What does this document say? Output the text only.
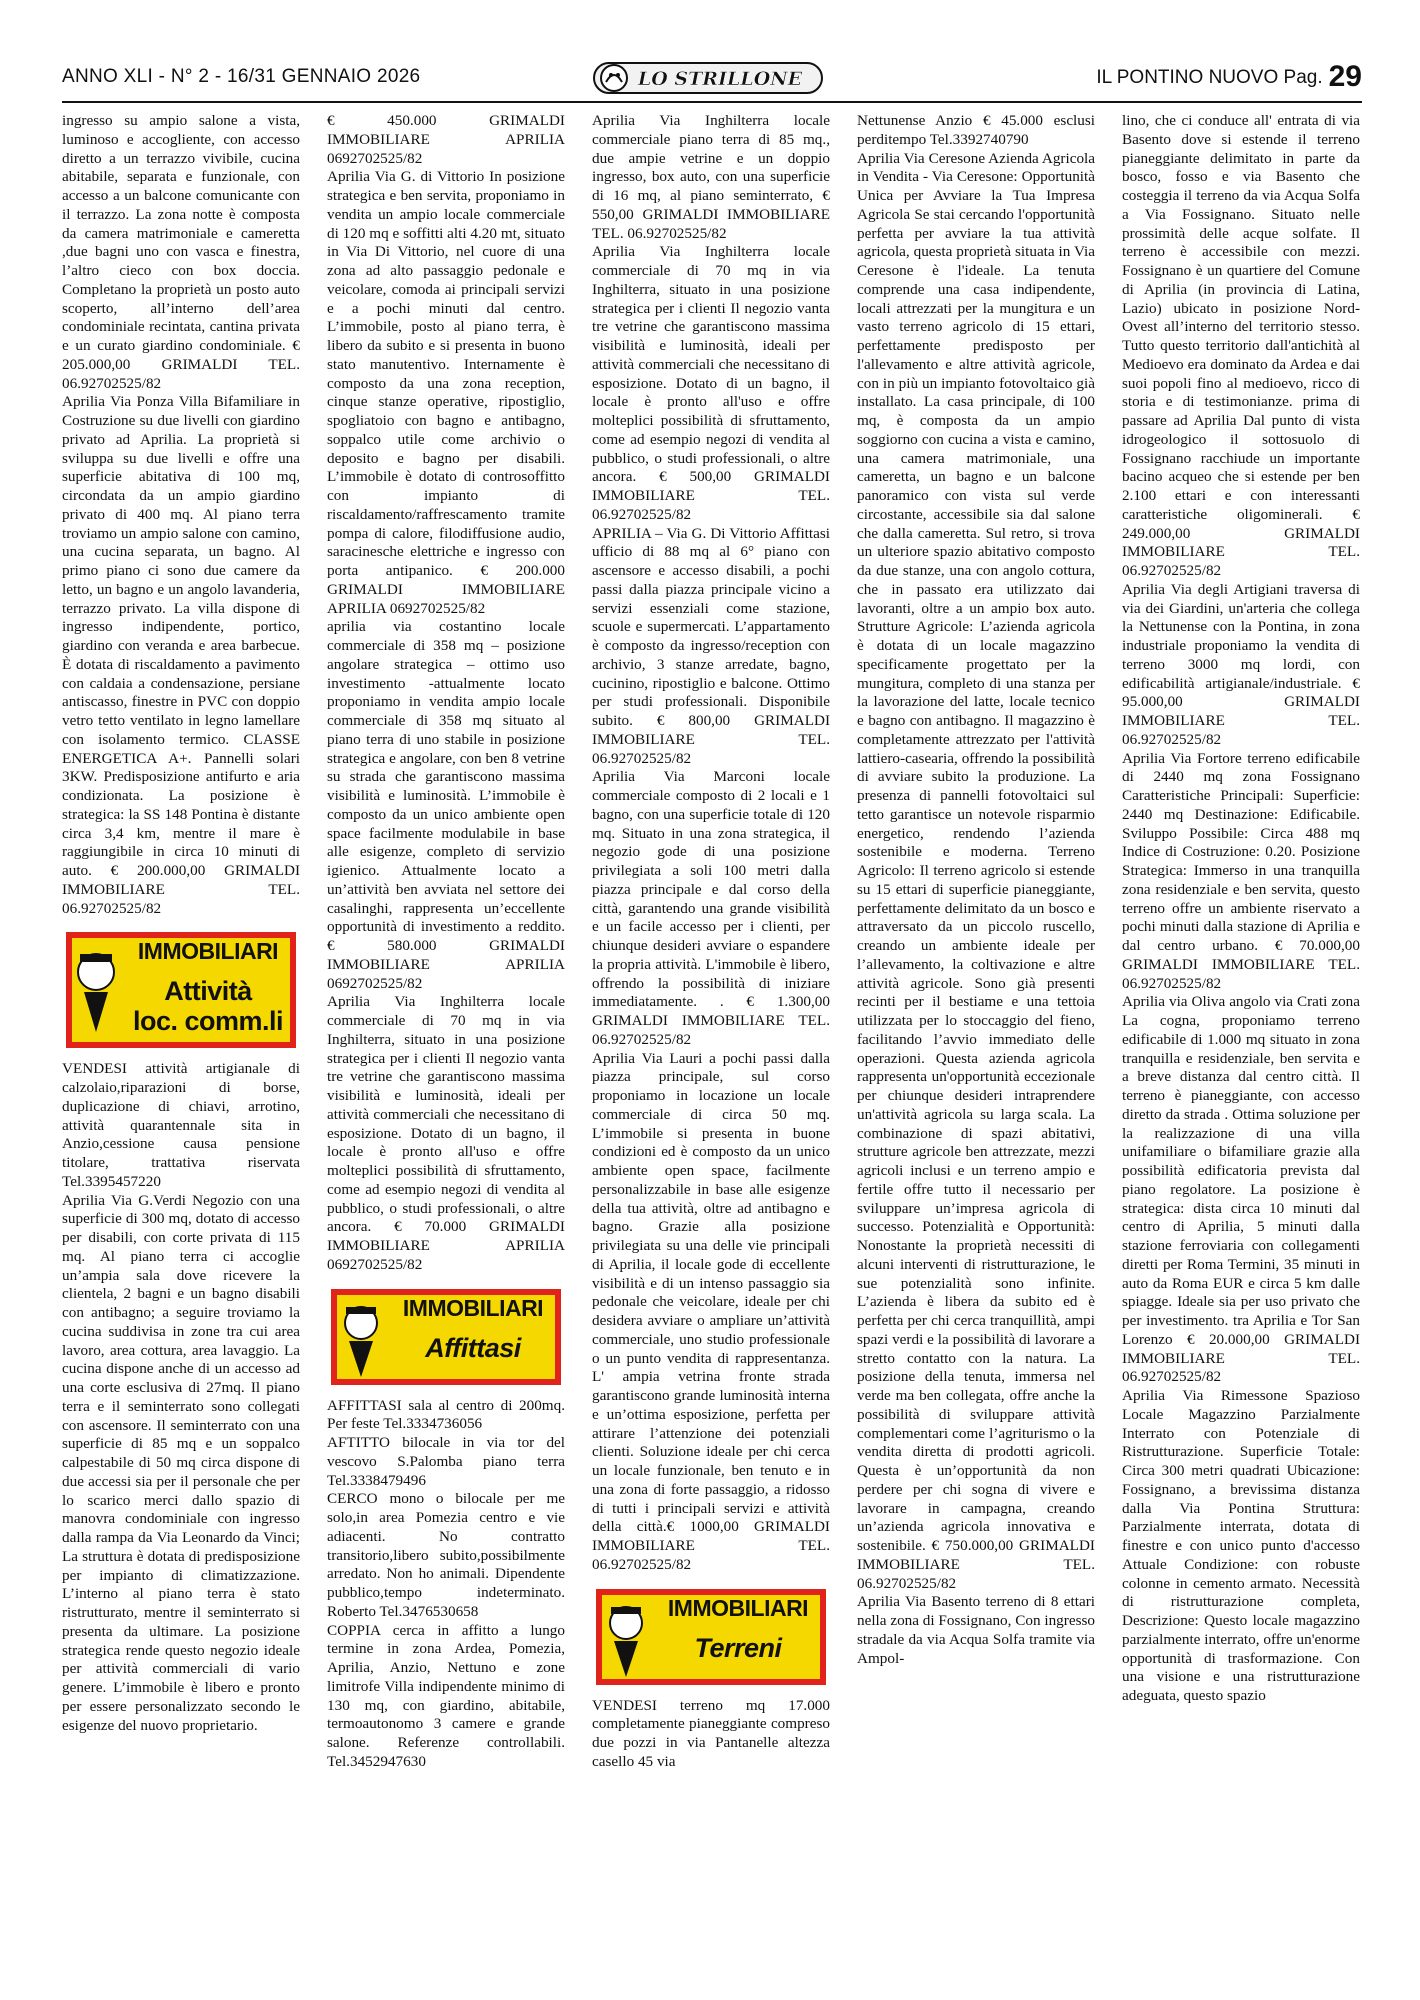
ANNO XLI - N° 2 - 16/31 GENNAIO 2026	LO STRILLONE	IL PONTINO NUOVO Pag. 29

ingresso su ampio salone a vista, luminoso e accogliente, con accesso diretto a un terrazzo vivibile, cucina abitabile, separata e funzionale, con accesso a un balcone comunicante con il terrazzo. La zona notte è composta da camera matrimoniale e cameretta ,due bagni uno con vasca e finestra, l’altro cieco con box doccia. Completano la proprietà un posto auto scoperto, all’interno dell’area condominiale recintata, cantina privata e un curato giardino condominiale. € 205.000,00 GRIMALDI TEL. 06.92702525/82

Aprilia Via Ponza Villa Bifamiliare in Costruzione su due livelli con giardino privato ad Aprilia. La proprietà si sviluppa su due livelli e offre una superficie abitativa di 100 mq, circondata da un ampio giardino privato di 400 mq. Al piano terra troviamo un ampio salone con camino, una cucina separata, un bagno. Al primo piano ci sono due camere da letto, un bagno e un angolo lavanderia, terrazzo privato. La villa dispone di ingresso indipendente, portico, giardino con veranda e area barbecue. È dotata di riscaldamento a pavimento con caldaia a condensazione, persiane antiscasso, finestre in PVC con doppio vetro tetto ventilato in legno lamellare con isolamento termico. CLASSE ENERGETICA A+. Pannelli solari 3KW. Predisposizione antifurto e aria condizionata. La posizione è strategica: la SS 148 Pontina è distante circa 3,4 km, mentre il mare è raggiungibile in circa 10 minuti di auto. € 200.000,00 GRIMALDI IMMOBILIARE TEL. 06.92702525/82

IMMOBILIARI
Attività
loc. comm.li

VENDESI attività artigianale di calzolaio,riparazioni di borse, duplicazione di chiavi, arrotino, attività quarantennale sita in Anzio,cessione causa pensione titolare, trattativa riservata Tel.3395457220

Aprilia Via G.Verdi Negozio con una superficie di 300 mq, dotato di accesso per disabili, con corte privata di 115 mq. Al piano terra ci accoglie un’ampia sala dove ricevere la clientela, 2 bagni e un bagno disabili con antibagno; a seguire troviamo la cucina suddivisa in zone tra cui area lavoro, area cottura, area lavaggio. La cucina dispone anche di un accesso ad una corte esclusiva di 27mq. Il piano terra e il seminterrato sono collegati con ascensore. Il seminterrato con una superficie di 85 mq e un soppalco calpestabile di 50 mq circa dispone di due accessi sia per il personale che per lo scarico merci dallo spazio di manovra condominiale con ingresso dalla rampa da Via Leonardo da Vinci; La struttura è dotata di predisposizione per impianto di climatizzazione. L’interno al piano terra è stato ristrutturato, mentre il seminterrato si presenta da ultimare. La posizione strategica rende questo negozio ideale per attività commerciali di vario genere. L’immobile è libero e pronto per essere personalizzato secondo le esigenze del nuovo proprietario.

€ 450.000 GRIMALDI IMMOBILIARE APRILIA 0692702525/82

Aprilia Via G. di Vittorio In posizione strategica e ben servita, proponiamo in vendita un ampio locale commerciale di 120 mq e soffitti alti 4.20 mt, situato in Via Di Vittorio, nel cuore di una zona ad alto passaggio pedonale e veicolare, comoda ai principali servizi e a pochi minuti dal centro. L’immobile, posto al piano terra, è libero da subito e si presenta in buono stato manutentivo. Internamente è composto da una zona reception, cinque stanze operative, ripostiglio, spogliatoio con bagno e antibagno, soppalco utile come archivio o deposito e bagno per disabili. L’immobile è dotato di controsoffitto con impianto di riscaldamento/raffrescamento tramite pompa di calore, filodiffusione audio, saracinesche elettriche e ingresso con porta antipanico. € 200.000 GRIMALDI IMMOBILIARE APRILIA 0692702525/82

aprilia via costantino locale commerciale di 358 mq – posizione angolare strategica – ottimo uso investimento -attualmente locato proponiamo in vendita ampio locale commerciale di 358 mq situato al piano terra di uno stabile in posizione strategica e angolare, con ben 8 vetrine su strada che garantiscono massima visibilità e luminosità. L’immobile è composto da un unico ambiente open space facilmente modulabile in base alle esigenze, completo di servizio igienico. Attualmente locato a un’attività ben avviata nel settore dei casalinghi, rappresenta un’eccellente opportunità di investimento a reddito. € 580.000 GRIMALDI IMMOBILIARE APRILIA 0692702525/82

Aprilia Via Inghilterra locale commerciale di 70 mq in via Inghilterra, situato in una posizione strategica per i clienti Il negozio vanta tre vetrine che garantiscono massima visibilità e luminosità, ideali per attività commerciali che necessitano di esposizione. Dotato di un bagno, il locale è pronto all'uso e offre molteplici possibilità di sfruttamento, come ad esempio negozi di vendita al pubblico, o studi professionali, o altre ancora. € 70.000 GRIMALDI IMMOBILIARE APRILIA 0692702525/82

IMMOBILIARI
Affittasi

AFFITTASI sala al centro di 200mq. Per feste Tel.3334736056

AFTITTO bilocale in via tor del vescovo S.Palomba piano terra Tel.3338479496

CERCO mono o bilocale per me solo,in area Pomezia centro e vie adiacenti. No contratto transitorio,libero subito,possibilmente arredato. Non ho animali. Dipendente pubblico,tempo indeterminato. Roberto Tel.3476530658

COPPIA cerca in affitto a lungo termine in zona Ardea, Pomezia, Aprilia, Anzio, Nettuno e zone limitrofe Villa indipendente minimo di 130 mq, con giardino, abitabile, termoautonomo 3 camere e grande salone. Referenze controllabili. Tel.3452947630

Aprilia Via Inghilterra locale commerciale piano terra di 85 mq., due ampie vetrine e un doppio ingresso, box auto, con una superficie di 16 mq, al piano seminterrato, € 550,00 GRIMALDI IMMOBILIARE TEL. 06.92702525/82

Aprilia Via Inghilterra locale commerciale di 70 mq in via Inghilterra, situato in una posizione strategica per i clienti Il negozio vanta tre vetrine che garantiscono massima visibilità e luminosità, ideali per attività commerciali che necessitano di esposizione. Dotato di un bagno, il locale è pronto all'uso e offre molteplici possibilità di sfruttamento, come ad esempio negozi di vendita al pubblico, o studi professionali, o altre ancora. € 500,00 GRIMALDI IMMOBILIARE TEL. 06.92702525/82

APRILIA – Via G. Di Vittorio Affittasi ufficio di 88 mq al 6° piano con ascensore e accesso disabili, a pochi passi dalla piazza principale vicino a servizi essenziali come stazione, scuole e supermercati. L’appartamento è composto da ingresso/reception con archivio, 3 stanze arredate, bagno, cucinino, ripostiglio e balcone. Ottimo per studi professionali. Disponibile subito. € 800,00 GRIMALDI IMMOBILIARE TEL. 06.92702525/82

Aprilia Via Marconi locale commerciale composto di 2 locali e 1 bagno, con una superficie totale di 120 mq. Situato in una zona strategica, il negozio gode di una posizione privilegiata a soli 100 metri dalla piazza principale e dal corso della città, garantendo una grande visibilità e un facile accesso per i clienti, per chiunque desideri avviare o espandere la propria attività. L'immobile è libero, offrendo la possibilità di iniziare immediatamente. . € 1.300,00 GRIMALDI IMMOBILIARE TEL. 06.92702525/82

Aprilia Via Lauri a pochi passi dalla piazza principale, sul corso proponiamo in locazione un locale commerciale di circa 50 mq. L’immobile si presenta in buone condizioni ed è composto da un unico ambiente open space, facilmente personalizzabile in base alle esigenze della tua attività, oltre ad antibagno e bagno. Grazie alla posizione privilegiata su una delle vie principali di Aprilia, il locale gode di eccellente visibilità e di un intenso passaggio sia pedonale che veicolare, ideale per chi desidera avviare o ampliare un’attività commerciale, uno studio professionale o un punto vendita di rappresentanza. L' ampia vetrina fronte strada garantiscono grande luminosità interna e un’ottima esposizione, perfetta per attirare l’attenzione dei potenziali clienti. Soluzione ideale per chi cerca un locale funzionale, ben tenuto e in una zona di forte passaggio, a ridosso di tutti i principali servizi e attività della città.€ 1000,00 GRIMALDI IMMOBILIARE TEL. 06.92702525/82

IMMOBILIARI
Terreni

VENDESI terreno mq 17.000 completamente pianeggiante compreso due pozzi in via Pantanelle altezza casello 45 via

Nettunense Anzio € 45.000 esclusi perditempo Tel.3392740790

Aprilia Via Ceresone Azienda Agricola in Vendita - Via Ceresone: Opportunità Unica per Avviare la Tua Impresa Agricola Se stai cercando l'opportunità perfetta per avviare la tua attività agricola, questa proprietà situata in Via Ceresone è l'ideale. La tenuta comprende una casa indipendente, locali attrezzati per la mungitura e un vasto terreno agricolo di 15 ettari, perfettamente predisposto per l'allevamento e altre attività agricole, con in più un impianto fotovoltaico già installato. La casa principale, di 100 mq, è composta da un ampio soggiorno con cucina a vista e camino, una camera matrimoniale, una cameretta, un bagno e un balcone panoramico con vista sul verde circostante, accessibile sia dal salone che dalla cameretta. Sul retro, si trova un ulteriore spazio abitativo composto da due stanze, una con angolo cottura, che in passato era utilizzato dai lavoranti, oltre a un ampio box auto. Strutture Agricole: L’azienda agricola è dotata di un locale magazzino specificamente progettato per la mungitura, completo di una stanza per la lavorazione del latte, locale tecnico e bagno con antibagno. Il magazzino è completamente attrezzato per l'attività lattiero-casearia, offrendo la possibilità di avviare subito la produzione. La presenza di pannelli fotovoltaici sul tetto garantisce un notevole risparmio energetico, rendendo l’azienda sostenibile e moderna. Terreno Agricolo: Il terreno agricolo si estende su 15 ettari di superficie pianeggiante, perfettamente delimitato da un bosco e attraversato da un piccolo ruscello, creando un ambiente ideale per l’allevamento, la coltivazione e altre attività agricole. Sono già presenti recinti per il bestiame e una tettoia utilizzata per lo stoccaggio del fieno, facilitando l’avvio immediato delle operazioni. Questa azienda agricola rappresenta un'opportunità eccezionale per chiunque desideri intraprendere un'attività agricola su larga scala. La combinazione di spazi abitativi, strutture agricole ben attrezzate, mezzi agricoli inclusi e un terreno ampio e fertile offre tutto il necessario per sviluppare un’impresa agricola di successo. Potenzialità e Opportunità: Nonostante la proprietà necessiti di alcuni interventi di ristrutturazione, le sue potenzialità sono infinite. L’azienda è libera da subito ed è perfetta per chi cerca tranquillità, ampi spazi verdi e la possibilità di lavorare a stretto contatto con la natura. La posizione della tenuta, immersa nel verde ma ben collegata, offre anche la possibilità di sviluppare attività complementari come l’agriturismo o la vendita diretta di prodotti agricoli. Questa è un’opportunità da non perdere per chi sogna di vivere e lavorare in campagna, creando un’azienda agricola innovativa e sostenibile. € 750.000,00 GRIMALDI IMMOBILIARE TEL. 06.92702525/82

Aprilia Via Basento terreno di 8 ettari nella zona di Fossignano, Con ingresso stradale da via Acqua Solfa tramite via Ampol-

lino, che ci conduce all' entrata di via Basento dove si estende il terreno pianeggiante delimitato in parte da bosco, fosso e via Basento che costeggia il terreno da via Acqua Solfa a Via Fossignano. Situato nelle prossimità delle acque solfate. Il terreno è accessibile con mezzi. Fossignano è un quartiere del Comune di Aprilia (in provincia di Latina, Lazio) ubicato in posizione Nord-Ovest all’interno del territorio stesso. Tutto questo territorio dall'antichità al Medioevo era dominato da Ardea e dai suoi popoli fino al medioevo, ricco di storia e di testimonianze. prima di passare ad Aprilia Dal punto di vista idrogeologico il sottosuolo di Fossignano racchiude un importante bacino acqueo che si estende per ben 2.100 ettari e con interessanti caratteristiche oligominerali. € 249.000,00 GRIMALDI IMMOBILIARE TEL. 06.92702525/82

Aprilia Via degli Artigiani traversa di via dei Giardini, un'arteria che collega la Nettunense con la Pontina, in zona industriale proponiamo la vendita di terreno 3000 mq lordi, con edificabilità artigianale/industriale. € 95.000,00 GRIMALDI IMMOBILIARE TEL. 06.92702525/82

Aprilia Via Fortore terreno edificabile di 2440 mq zona Fossignano Caratteristiche Principali: Superficie: 2440 mq Destinazione: Edificabile. Sviluppo Possibile: Circa 488 mq Indice di Costruzione: 0.20. Posizione Strategica: Immerso in una tranquilla zona residenziale e ben servita, questo terreno offre un ambiente riservato a pochi minuti dalla stazione di Aprilia e dal centro urbano. € 70.000,00 GRIMALDI IMMOBILIARE TEL. 06.92702525/82

Aprilia via Oliva angolo via Crati zona La cogna, proponiamo terreno edificabile di 1.000 mq situato in zona tranquilla e residenziale, ben servita e a breve distanza dal centro città. Il terreno è pianeggiante, con accesso diretto da strada . Ottima soluzione per la realizzazione di una villa unifamiliare o bifamiliare grazie alla possibilità edificatoria prevista dal piano regolatore. La posizione è strategica: dista circa 10 minuti dal centro di Aprilia, 5 minuti dalla stazione ferroviaria con collegamenti diretti per Roma Termini, 35 minuti in auto da Roma EUR e circa 5 km dalle spiagge. Ideale sia per uso privato che per investimento. tra Aprilia e Tor San Lorenzo € 20.000,00 GRIMALDI IMMOBILIARE TEL. 06.92702525/82

Aprilia Via Rimessone Spazioso Locale Magazzino Parzialmente Interrato con Potenziale di Ristrutturazione. Superficie Totale: Circa 300 metri quadrati Ubicazione: Fossignano, a brevissima distanza dalla Via Pontina Struttura: Parzialmente interrata, dotata di finestre e con unico punto d'accesso Attuale Condizione: con robuste colonne in cemento armato. Necessità di ristrutturazione completa, Descrizione: Questo locale magazzino parzialmente interrato, offre un'enorme opportunità di trasformazione. Con una visione e una ristrutturazione adeguata, questo spazio
